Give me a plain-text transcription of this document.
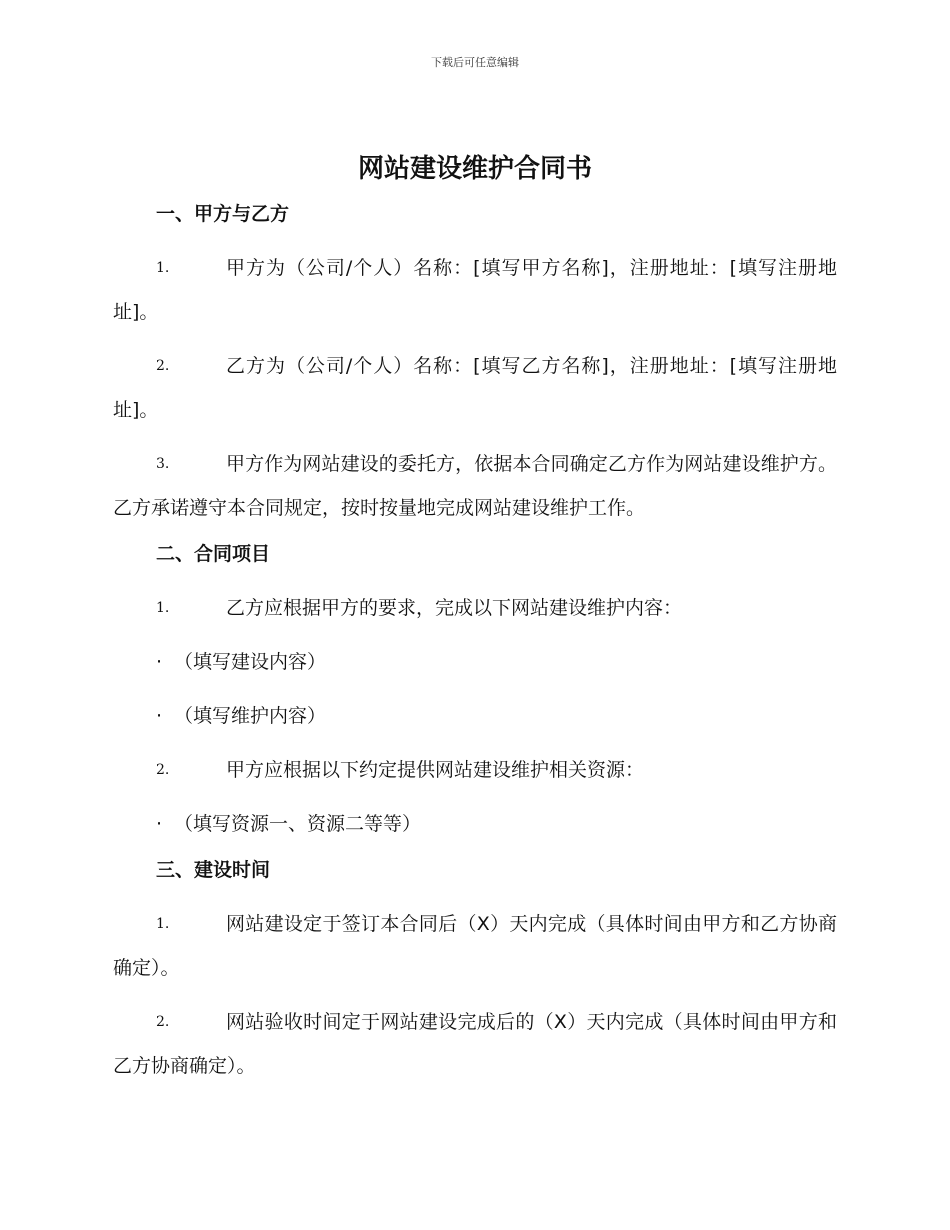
下载后可任意编辑
网站建设维护合同书
一、甲方与乙方
1.	甲方为（公司/个人）名称：[填写甲方名称]，注册地址：[填写注册地址]。
2.	乙方为（公司/个人）名称：[填写乙方名称]，注册地址：[填写注册地址]。
3.	甲方作为网站建设的委托方，依据本合同确定乙方作为网站建设维护方。乙方承诺遵守本合同规定，按时按量地完成网站建设维护工作。
二、合同项目
1.	乙方应根据甲方的要求，完成以下网站建设维护内容：
· （填写建设内容）
· （填写维护内容）
2.	甲方应根据以下约定提供网站建设维护相关资源：
· （填写资源一、资源二等等）
三、建设时间
1.	网站建设定于签订本合同后（X）天内完成（具体时间由甲方和乙方协商确定）。
2.	网站验收时间定于网站建设完成后的（X）天内完成（具体时间由甲方和乙方协商确定）。
